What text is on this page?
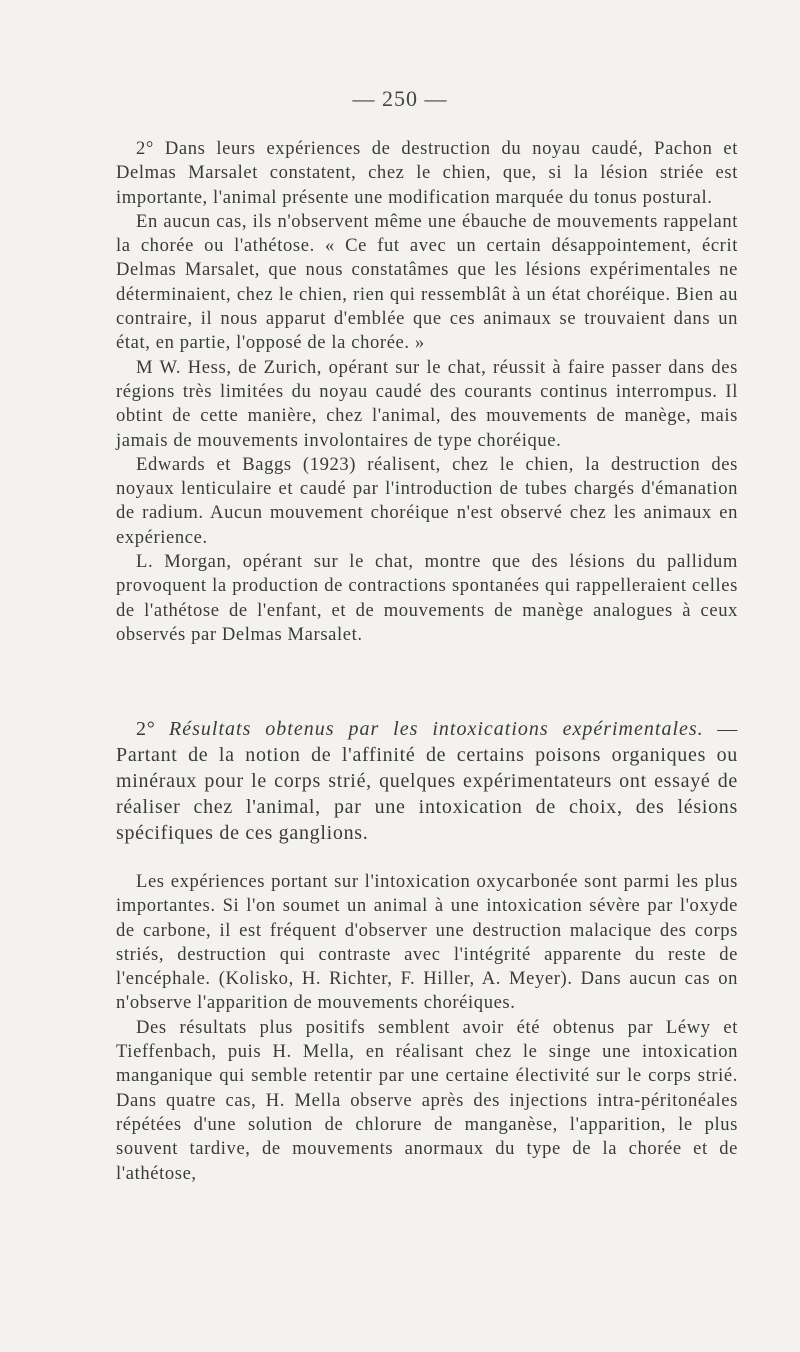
— 250 —

2° Dans leurs expériences de destruction du noyau caudé, Pachon et Delmas Marsalet constatent, chez le chien, que, si la lésion striée est importante, l'animal présente une modification marquée du tonus postural.

En aucun cas, ils n'observent même une ébauche de mouvements rappelant la chorée ou l'athétose. « Ce fut avec un certain désappointement, écrit Delmas Marsalet, que nous constatâmes que les lésions expérimentales ne déterminaient, chez le chien, rien qui ressemblât à un état choréique. Bien au contraire, il nous apparut d'emblée que ces animaux se trouvaient dans un état, en partie, l'opposé de la chorée. »

M W. Hess, de Zurich, opérant sur le chat, réussit à faire passer dans des régions très limitées du noyau caudé des courants continus interrompus. Il obtint de cette manière, chez l'animal, des mouvements de manège, mais jamais de mouvements involontaires de type choréique.

Edwards et Baggs (1923) réalisent, chez le chien, la destruction des noyaux lenticulaire et caudé par l'introduction de tubes chargés d'émanation de radium. Aucun mouvement choréique n'est observé chez les animaux en expérience.

L. Morgan, opérant sur le chat, montre que des lésions du pallidum provoquent la production de contractions spontanées qui rappelleraient celles de l'athétose de l'enfant, et de mouvements de manège analogues à ceux observés par Delmas Marsalet.

2° Résultats obtenus par les intoxications expérimentales. — Partant de la notion de l'affinité de certains poisons organiques ou minéraux pour le corps strié, quelques expérimentateurs ont essayé de réaliser chez l'animal, par une intoxication de choix, des lésions spécifiques de ces ganglions.

Les expériences portant sur l'intoxication oxycarbonée sont parmi les plus importantes. Si l'on soumet un animal à une intoxication sévère par l'oxyde de carbone, il est fréquent d'observer une destruction malacique des corps striés, destruction qui contraste avec l'intégrité apparente du reste de l'encéphale. (Kolisko, H. Richter, F. Hiller, A. Meyer). Dans aucun cas on n'observe l'apparition de mouvements choréiques.

Des résultats plus positifs semblent avoir été obtenus par Léwy et Tieffenbach, puis H. Mella, en réalisant chez le singe une intoxication manganique qui semble retentir par une certaine électivité sur le corps strié. Dans quatre cas, H. Mella observe après des injections intra-péritonéales répétées d'une solution de chlorure de manganèse, l'apparition, le plus souvent tardive, de mouvements anormaux du type de la chorée et de l'athétose,
